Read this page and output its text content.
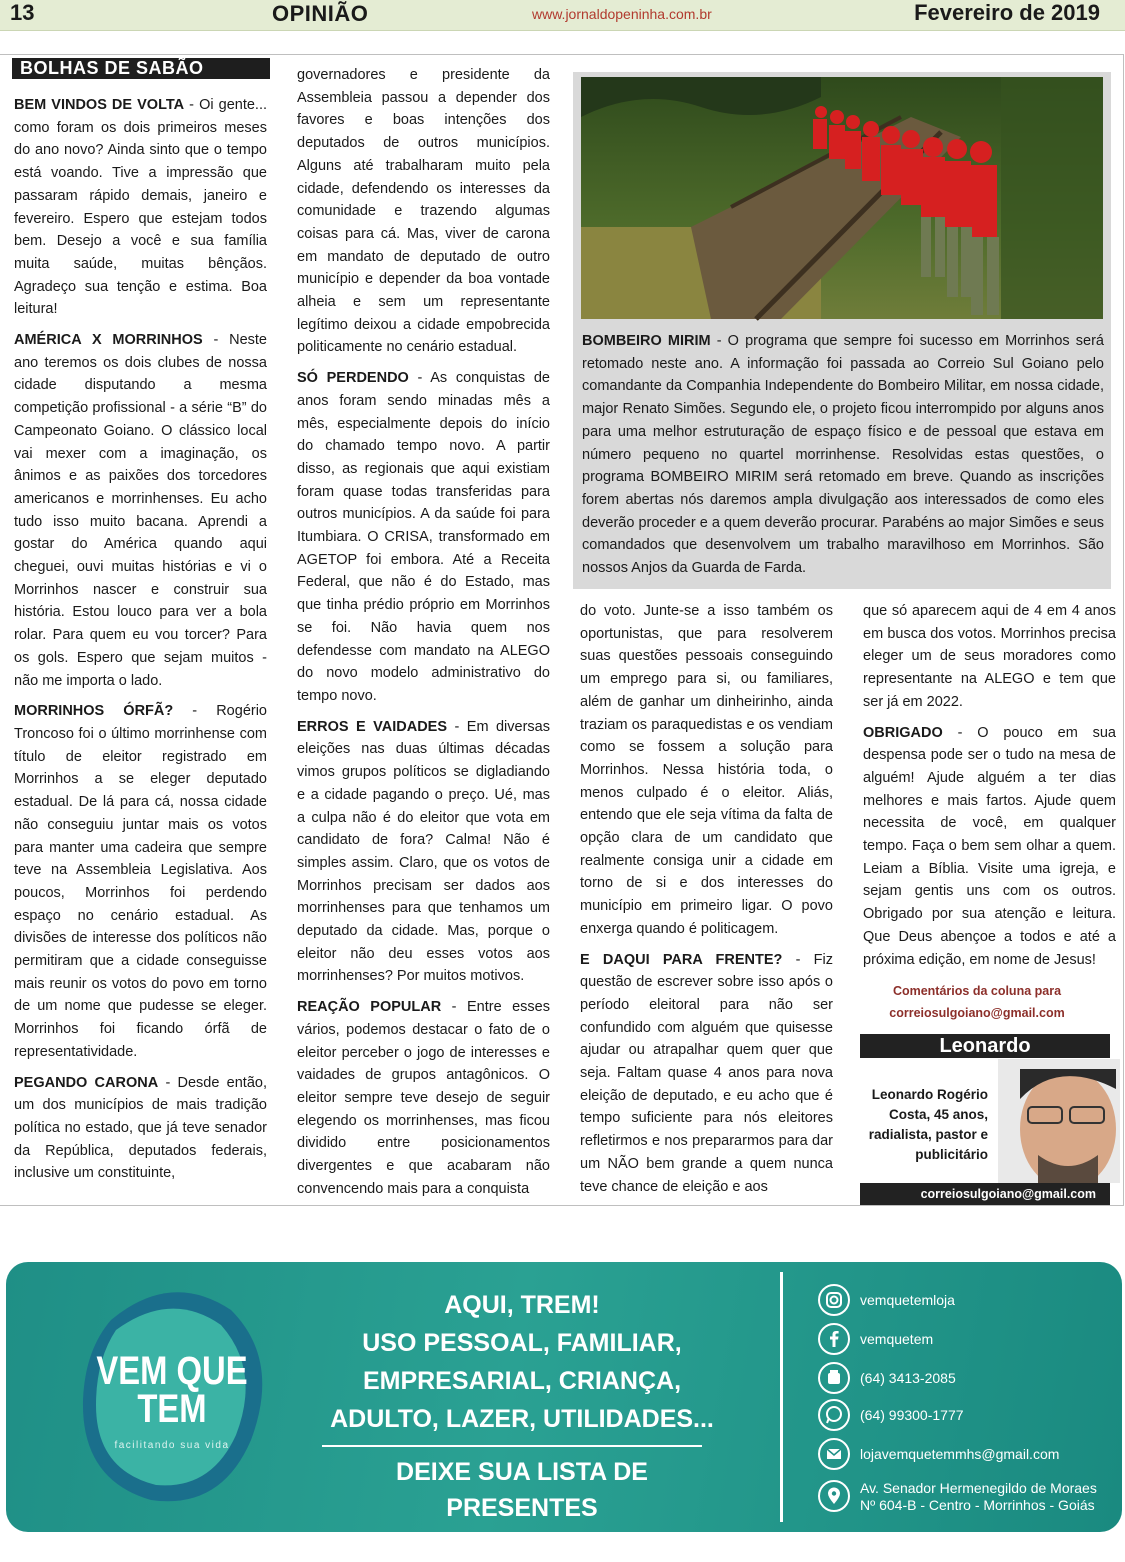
13	OPINIÃO	www.jornaldopeninha.com.br	Fevereiro de 2019
BOLHAS DE SABÃO

BEM VINDOS DE VOLTA - Oi gente... como foram os dois primeiros meses do ano novo? Ainda sinto que o tempo está voando. Tive a impressão que passaram rápido demais, janeiro e fevereiro. Espero que estejam todos bem. Desejo a você e sua família muita saúde, muitas bênçãos. Agradeço sua tenção e estima. Boa leitura!

AMÉRICA X MORRINHOS - Neste ano teremos os dois clubes de nossa cidade disputando a mesma competição profissional - a série “B” do Campeonato Goiano. O clássico local vai mexer com a imaginação, os ânimos e as paixões dos torcedores americanos e morrinhenses. Eu acho tudo isso muito bacana. Aprendi a gostar do América quando aqui cheguei, ouvi muitas histórias e vi o Morrinhos nascer e construir sua história. Estou louco para ver a bola rolar. Para quem eu vou torcer? Para os gols. Espero que sejam muitos - não me importa o lado.

MORRINHOS ÓRFÃ? - Rogério Troncoso foi o último morrinhense com título de eleitor registrado em Morrinhos a se eleger deputado estadual. De lá para cá, nossa cidade não conseguiu juntar mais os votos para manter uma cadeira que sempre teve na Assembleia Legislativa. Aos poucos, Morrinhos foi perdendo espaço no cenário estadual. As divisões de interesse dos políticos não permitiram que a cidade conseguisse mais reunir os votos do povo em torno de um nome que pudesse se eleger. Morrinhos foi ficando órfã de representatividade.

PEGANDO CARONA - Desde então, um dos municípios de mais tradição política no estado, que já teve senador da República, deputados federais, inclusive um constituinte,

governadores e presidente da Assembleia passou a depender dos favores e boas intenções dos deputados de outros municípios. Alguns até trabalharam muito pela cidade, defendendo os interesses da comunidade e trazendo algumas coisas para cá. Mas, viver de carona em mandato de deputado de outro município e depender da boa vontade alheia e sem um representante legítimo deixou a cidade empobrecida politicamente no cenário estadual.

SÓ PERDENDO - As conquistas de anos foram sendo minadas mês a mês, especialmente depois do início do chamado tempo novo. A partir disso, as regionais que aqui existiam foram quase todas transferidas para outros municípios. A da saúde foi para Itumbiara. O CRISA, transformado em AGETOP foi embora. Até a Receita Federal, que não é do Estado, mas que tinha prédio próprio em Morrinhos se foi. Não havia quem nos defendesse com mandato na ALEGO do novo modelo administrativo do tempo novo.

ERROS E VAIDADES - Em diversas eleições nas duas últimas décadas vimos grupos políticos se digladiando e a cidade pagando o preço. Ué, mas a culpa não é do eleitor que vota em candidato de fora? Calma! Não é simples assim. Claro, que os votos de Morrinhos precisam ser dados aos morrinhenses para que tenhamos um deputado da cidade. Mas, porque o eleitor não deu esses votos aos morrinhenses? Por muitos motivos.

REAÇÃO POPULAR - Entre esses vários, podemos destacar o fato de o eleitor perceber o jogo de interesses e vaidades de grupos antagônicos. O eleitor sempre teve desejo de seguir elegendo os morrinhenses, mas ficou dividido entre posicionamentos divergentes e que acabaram não convencendo mais para a conquista

do voto. Junte-se a isso também os oportunistas, que para resolverem suas questões pessoais conseguindo um emprego para si, ou familiares, além de ganhar um dinheirinho, ainda traziam os paraquedistas e os vendiam como se fossem a solução para Morrinhos. Nessa história toda, o menos culpado é o eleitor. Aliás, entendo que ele seja vítima da falta de opção clara de um candidato que realmente consiga unir a cidade em torno de si e dos interesses do município em primeiro ligar. O povo enxerga quando é politicagem.

E DAQUI PARA FRENTE? - Fiz questão de escrever sobre isso após o período eleitoral para não ser confundido com alguém que quisesse ajudar ou atrapalhar quem quer que seja. Faltam quase 4 anos para nova eleição de deputado, e eu acho que é tempo suficiente para nós eleitores refletirmos e nos prepararmos para dar um NÃO bem grande a quem nunca teve chance de eleição e aos

que só aparecem aqui de 4 em 4 anos em busca dos votos. Morrinhos precisa eleger um de seus moradores como representante na ALEGO e tem que ser já em 2022.

OBRIGADO - O pouco em sua despensa pode ser o tudo na mesa de alguém! Ajude alguém a ter dias melhores e mais fartos. Ajude quem necessita de você, em qualquer tempo. Faça o bem sem olhar a quem. Leiam a Bíblia. Visite uma igreja, e sejam gentis uns com os outros. Obrigado por sua atenção e leitura. Que Deus abençoe a todos e até a próxima edição, em nome de Jesus!

BOMBEIRO MIRIM - O programa que sempre foi sucesso em Morrinhos será retomado neste ano. A informação foi passada ao Correio Sul Goiano pelo comandante da Companhia Independente do Bombeiro Militar, em nossa cidade, major Renato Simões. Segundo ele, o projeto ficou interrompido por alguns anos para uma melhor estruturação de espaço físico e de pessoal que estava em número pequeno no quartel morrinhense. Resolvidas estas questões, o programa BOMBEIRO MIRIM será retomado em breve. Quando as inscrições forem abertas nós daremos ampla divulgação aos interessados de como eles deverão proceder e a quem deverão procurar. Parabéns ao major Simões e seus comandados que desenvolvem um trabalho maravilhoso em Morrinhos. São nossos Anjos da Guarda de Farda.
Comentários da coluna para
correiosulgoiano@gmail.com
Leonardo
Leonardo Rogério Costa, 45 anos, radialista, pastor e publicitário
correiosulgoiano@gmail.com
VEM QUE
TEM
facilitando sua vida
AQUI, TREM!
USO PESSOAL, FAMILIAR,
EMPRESARIAL, CRIANÇA,
ADULTO, LAZER, UTILIDADES...
DEIXE SUA LISTA DE PRESENTES
DE CASAMENTO CONOSCO.
vemquetemloja
vemquetem
(64) 3413-2085
(64) 99300-1777
lojavemquetemmhs@gmail.com
Av. Senador Hermenegildo de Moraes
Nº 604-B - Centro - Morrinhos - Goiás
